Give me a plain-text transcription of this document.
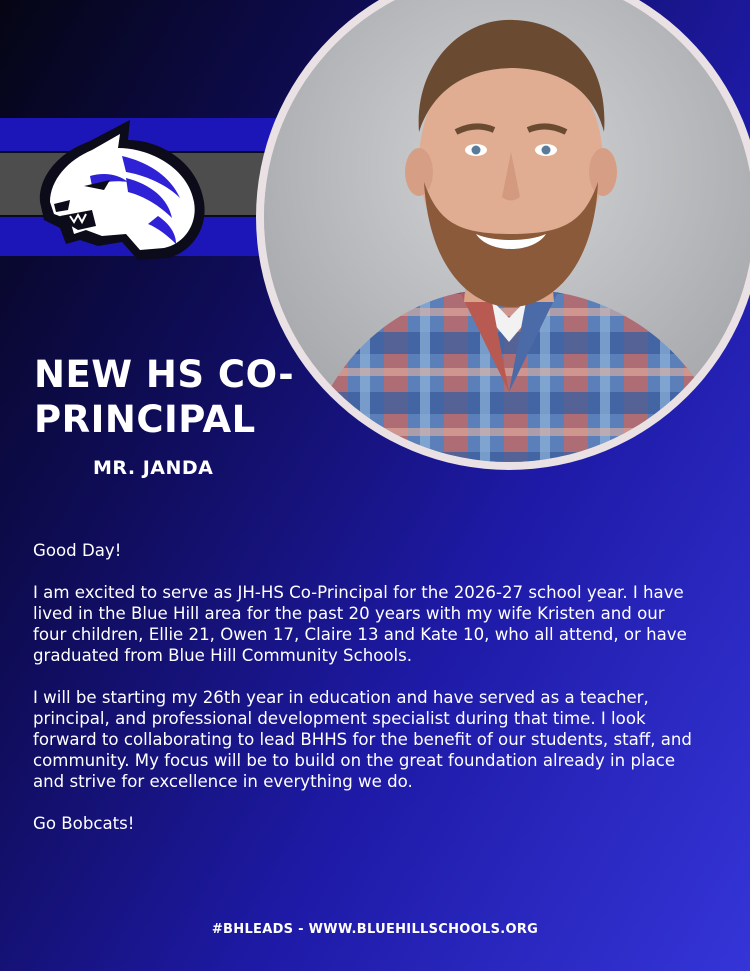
NEW HS CO-PRINCIPAL
MR. JANDA

Good Day!

I am excited to serve as JH-HS Co-Principal for the 2026-27 school year. I have lived in the Blue Hill area for the past 20 years with my wife Kristen and our four children, Ellie 21, Owen 17, Claire 13 and Kate 10, who all attend, or have graduated from Blue Hill Community Schools.

I will be starting my 26th year in education and have served as a teacher, principal, and professional development specialist during that time. I look forward to collaborating to lead BHHS for the benefit of our students, staff, and community. My focus will be to build on the great foundation already in place and strive for excellence in everything we do.

Go Bobcats!

#BHLEADS - WWW.BLUEHILLSCHOOLS.ORG
